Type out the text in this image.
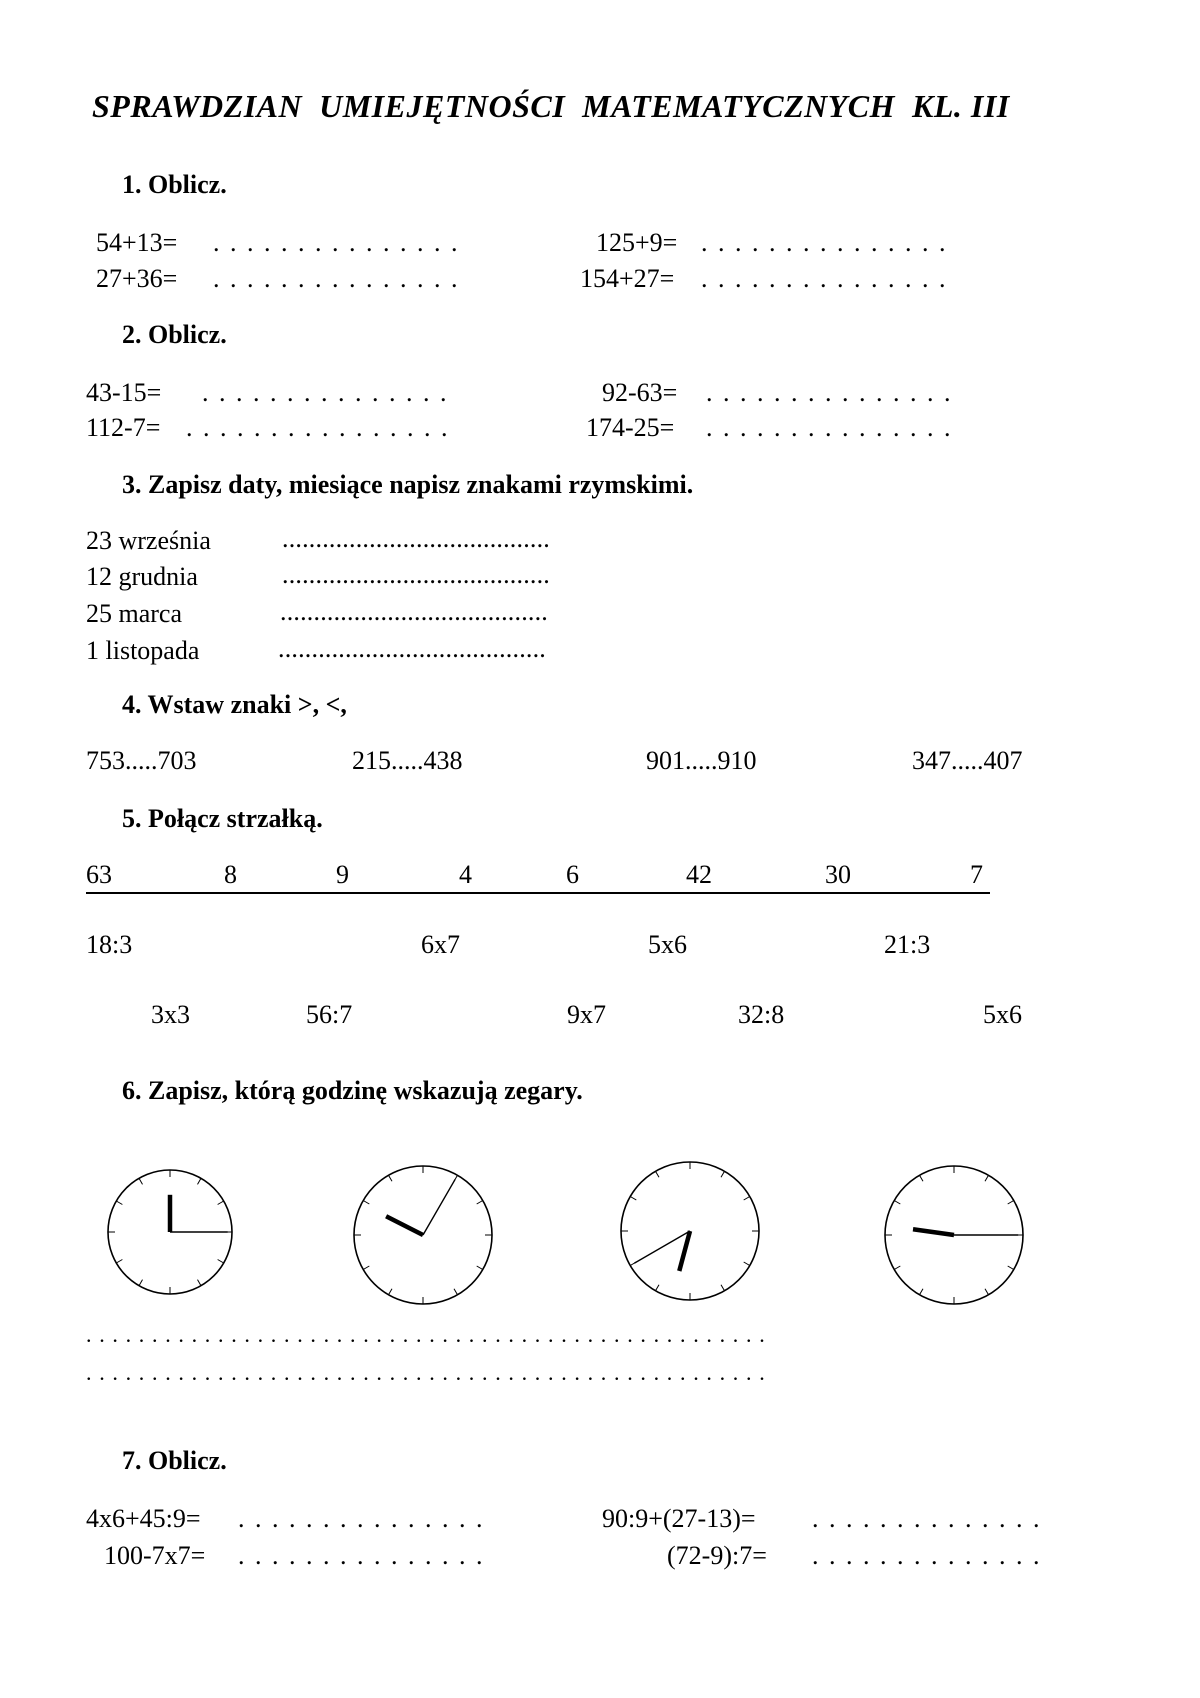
SPRAWDZIAN  UMIEJĘTNOŚCI  MATEMATYCZNYCH  KL. III
1. Oblicz.
54+13= . . . . . . . . . . . . . . .	125+9= . . . . . . . . . . . . . . .
27+36= . . . . . . . . . . . . . . .	154+27= . . . . . . . . . . . . . . .
2. Oblicz.
43-15= . . . . . . . . . . . . . . .	92-63= . . . . . . . . . . . . . . .
112-7= . . . . . . . . . . . . . . . .	174-25= . . . . . . . . . . . . . . .
3. Zapisz daty, miesiące napisz znakami rzymskimi.
23 września	........................................
12 grudnia	........................................
25 marca	........................................
1 listopada	........................................
4. Wstaw znaki >, <,
753.....703	215.....438	901.....910	347.....407
5. Połącz strzałką.
63	8	9	4	6	42	30	7
18:3	6x7	5x6	21:3
3x3	56:7	9x7	32:8	5x6
6. Zapisz, którą godzinę wskazują zegary.
. . . . . . . . . . . . . . . . . . . . . . . . . . . . . . . . . . . . . . . . . . . . . . . . . . . .
. . . . . . . . . . . . . . . . . . . . . . . . . . . . . . . . . . . . . . . . . . . . . . . . . . . .
7. Oblicz.
4x6+45:9= . . . . . . . . . . . . . . .	90:9+(27-13)= . . . . . . . . . . . . . .
100-7x7= . . . . . . . . . . . . . . .	(72-9):7= . . . . . . . . . . . . . .
